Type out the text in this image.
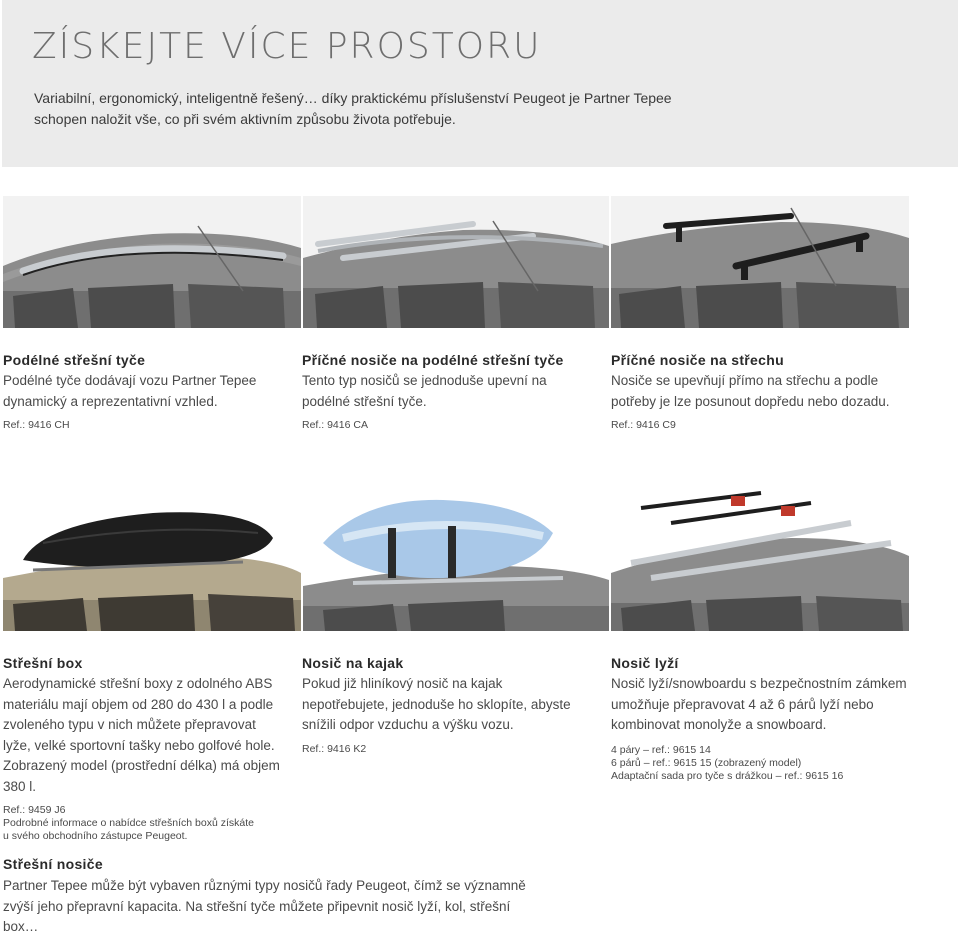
ZÍSKEJTE VÍCE PROSTORU

Variabilní, ergonomický, inteligentně řešený… díky praktickému příslušenství Peugeot je Partner Tepee schopen naložit vše, co při svém aktivním způsobu života potřebuje.

Podélné střešní tyče

Podélné tyče dodávají vozu Partner Tepee dynamický a reprezentativní vzhled.

Ref.: 9416 CH

Příčné nosiče na podélné střešní tyče

Tento typ nosičů se jednoduše upevní na podélné střešní tyče.

Ref.: 9416 CA

Příčné nosiče na střechu

Nosiče se upevňují přímo na střechu a podle potřeby je lze posunout dopředu nebo dozadu.

Ref.: 9416 C9

Střešní box

Aerodynamické střešní boxy z odolného ABS materiálu mají objem od 280 do 430 l a podle zvoleného typu v nich můžete přepravovat lyže, velké sportovní tašky nebo golfové hole. Zobrazený model (prostřední délka) má objem 380 l.

Ref.: 9459 J6

Podrobné informace o nabídce střešních boxů získáte

u svého obchodního zástupce Peugeot.

Nosič na kajak

Pokud již hliníkový nosič na kajak nepotřebujete, jednoduše ho sklopíte, abyste snížili odpor vzduchu a výšku vozu.

Ref.: 9416 K2

Nosič lyží

Nosič lyží/snowboardu s bezpečnostním zámkem umožňuje přepravovat 4 až 6 párů lyží nebo kombinovat monolyže a snowboard.

4 páry – ref.: 9615 14

6 párů – ref.: 9615 15 (zobrazený model)

Adaptační sada pro tyče s drážkou – ref.: 9615 16

Střešní nosiče

Partner Tepee může být vybaven různými typy nosičů řady Peugeot, čímž se významně zvýší jeho přepravní kapacita. Na střešní tyče můžete připevnit nosič lyží, kol, střešní box…
